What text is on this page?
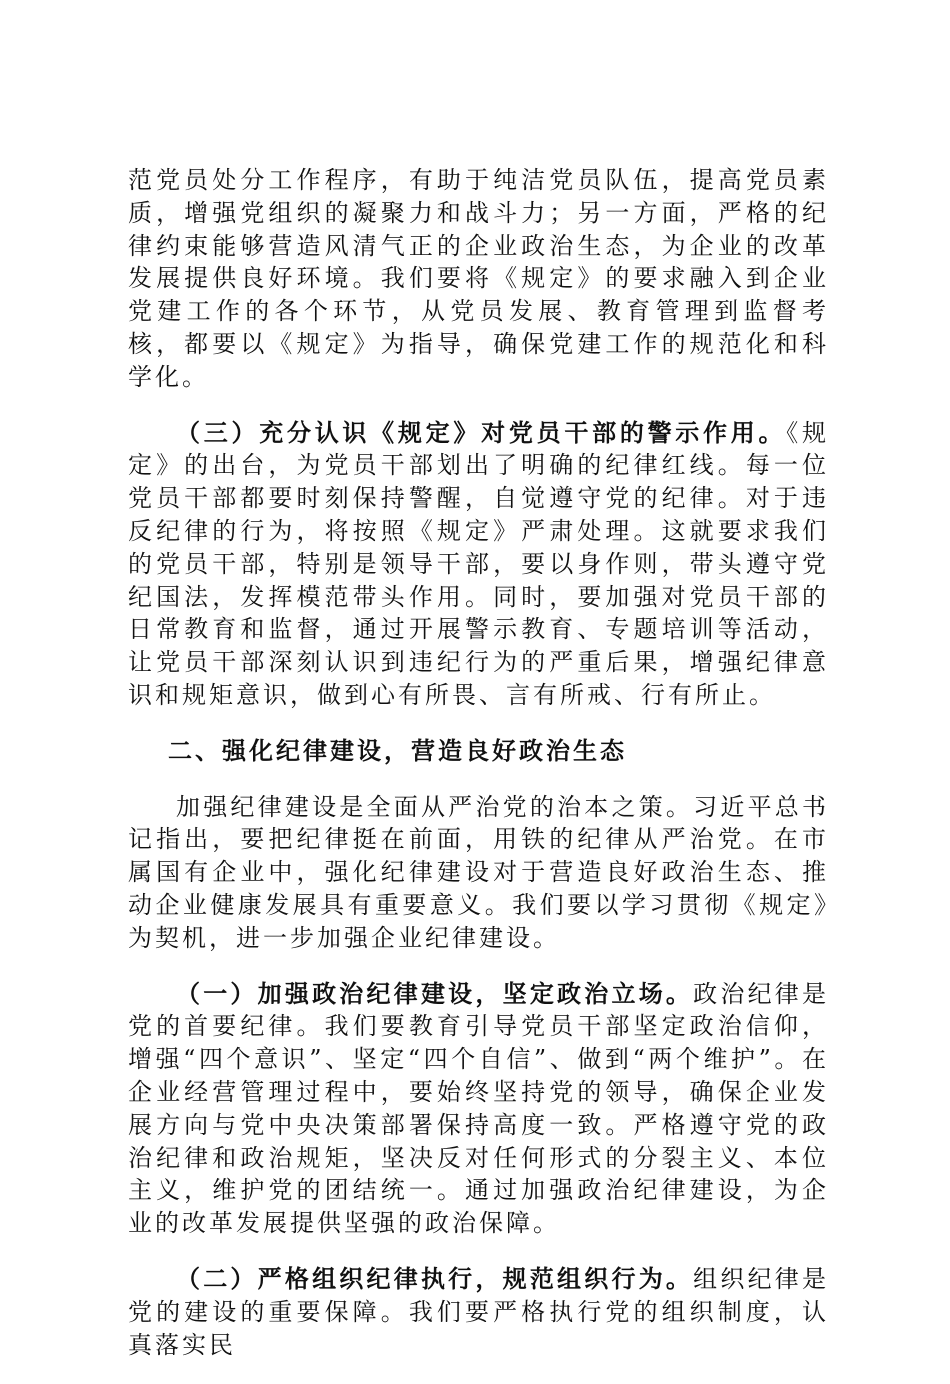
范党员处分工作程序，有助于纯洁党员队伍，提高党员素质，增强党组织的凝聚力和战斗力；另一方面，严格的纪律约束能够营造风清气正的企业政治生态，为企业的改革发展提供良好环境。我们要将《规定》的要求融入到企业党建工作的各个环节，从党员发展、教育管理到监督考核，都要以《规定》为指导，确保党建工作的规范化和科学化。

（三）充分认识《规定》对党员干部的警示作用。《规定》的出台，为党员干部划出了明确的纪律红线。每一位党员干部都要时刻保持警醒，自觉遵守党的纪律。对于违反纪律的行为，将按照《规定》严肃处理。这就要求我们的党员干部，特别是领导干部，要以身作则，带头遵守党纪国法，发挥模范带头作用。同时，要加强对党员干部的日常教育和监督，通过开展警示教育、专题培训等活动，让党员干部深刻认识到违纪行为的严重后果，增强纪律意识和规矩意识，做到心有所畏、言有所戒、行有所止。

二、强化纪律建设，营造良好政治生态

加强纪律建设是全面从严治党的治本之策。习近平总书记指出，要把纪律挺在前面，用铁的纪律从严治党。在市属国有企业中，强化纪律建设对于营造良好政治生态、推动企业健康发展具有重要意义。我们要以学习贯彻《规定》为契机，进一步加强企业纪律建设。

（一）加强政治纪律建设，坚定政治立场。政治纪律是党的首要纪律。我们要教育引导党员干部坚定政治信仰，增强“四个意识”、坚定“四个自信”、做到“两个维护”。在企业经营管理过程中，要始终坚持党的领导，确保企业发展方向与党中央决策部署保持高度一致。严格遵守党的政治纪律和政治规矩，坚决反对任何形式的分裂主义、本位主义，维护党的团结统一。通过加强政治纪律建设，为企业的改革发展提供坚强的政治保障。

（二）严格组织纪律执行，规范组织行为。组织纪律是党的建设的重要保障。我们要严格执行党的组织制度，认真落实民
